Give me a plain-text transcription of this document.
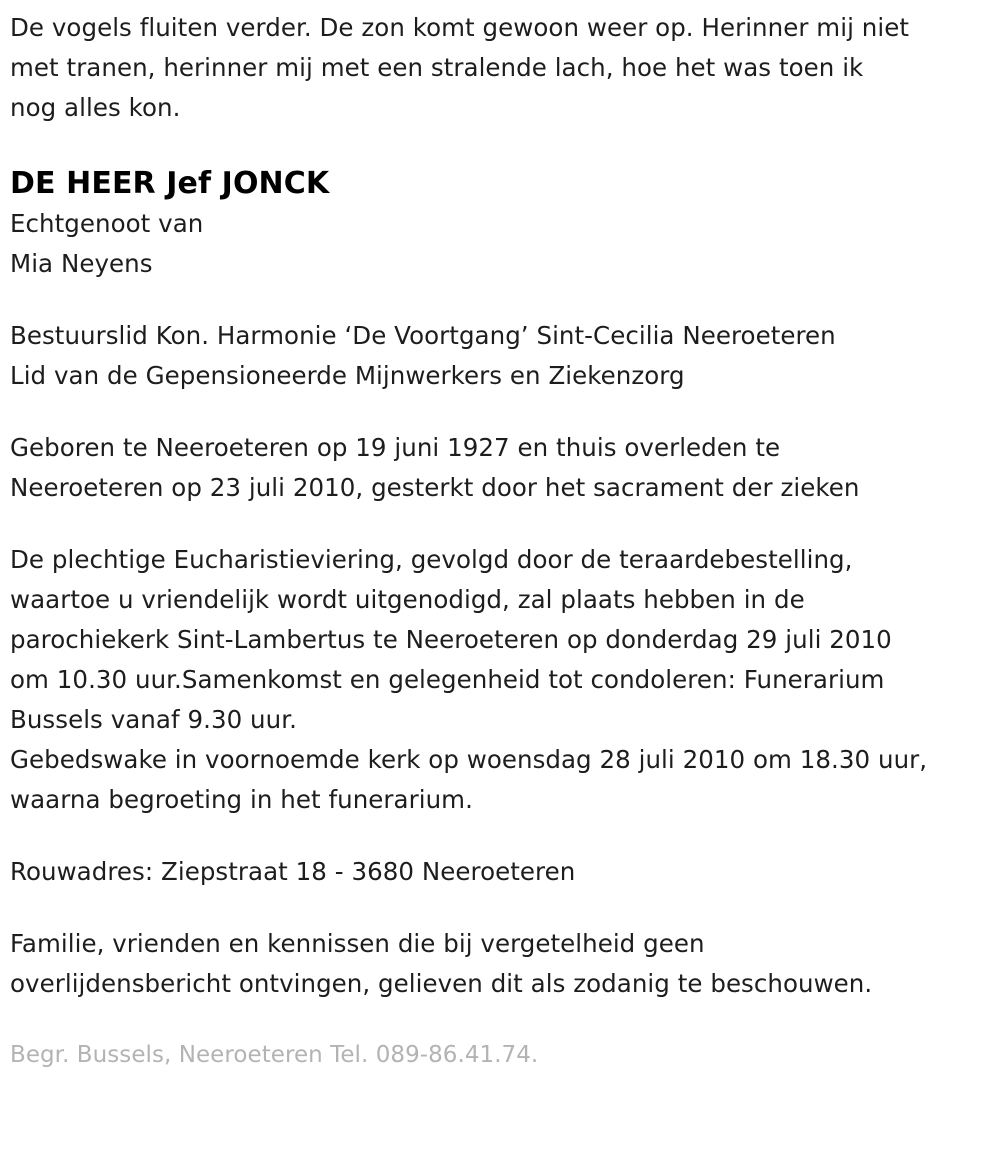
De vogels fluiten verder. De zon komt gewoon weer op. Herinner mij niet
met tranen, herinner mij met een stralende lach, hoe het was toen ik
nog alles kon.

DE HEER Jef JONCK

Echtgenoot van
Mia Neyens

Bestuurslid Kon. Harmonie ‘De Voortgang’ Sint-Cecilia Neeroeteren
Lid van de Gepensioneerde Mijnwerkers en Ziekenzorg

Geboren te Neeroeteren op 19 juni 1927 en thuis overleden te
Neeroeteren op 23 juli 2010, gesterkt door het sacrament der zieken

De plechtige Eucharistieviering, gevolgd door de teraardebestelling,
waartoe u vriendelijk wordt uitgenodigd, zal plaats hebben in de
parochiekerk Sint-Lambertus te Neeroeteren op donderdag 29 juli 2010
om 10.30 uur.Samenkomst en gelegenheid tot condoleren: Funerarium
Bussels vanaf 9.30 uur.
Gebedswake in voornoemde kerk op woensdag 28 juli 2010 om 18.30 uur,
waarna begroeting in het funerarium.

Rouwadres: Ziepstraat 18 - 3680 Neeroeteren

Familie, vrienden en kennissen die bij vergetelheid geen
overlijdensbericht ontvingen, gelieven dit als zodanig te beschouwen.

Begr. Bussels, Neeroeteren Tel. 089-86.41.74.
